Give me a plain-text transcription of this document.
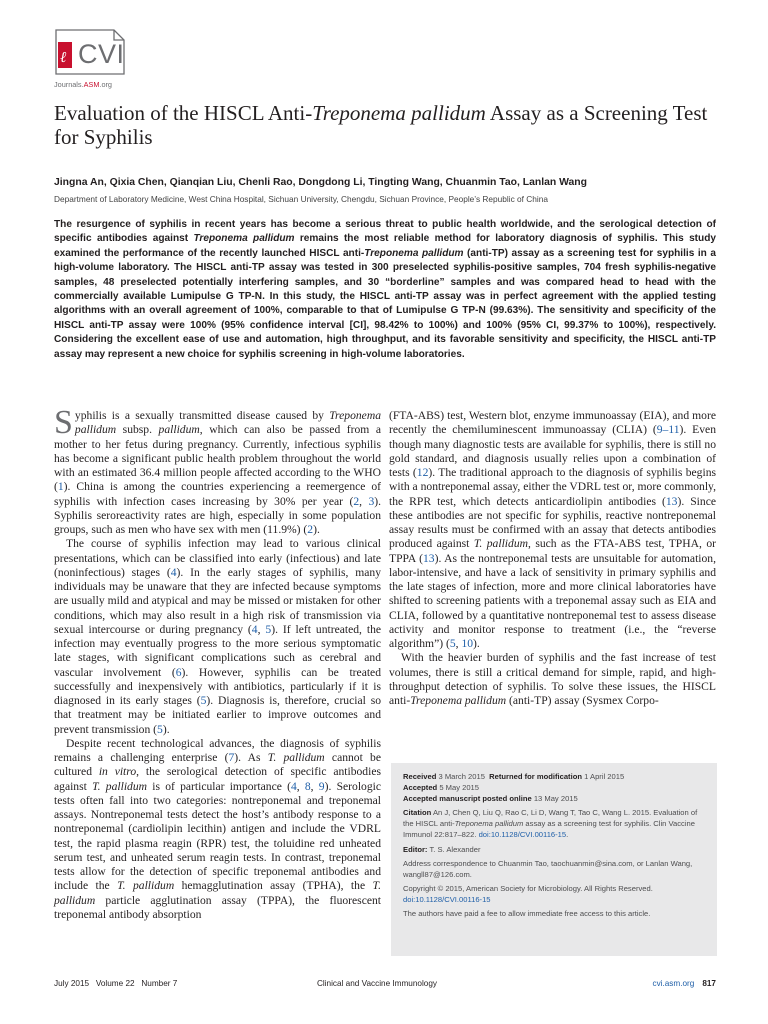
ℓ CVI
Journals.ASM.org
Evaluation of the HISCL Anti-Treponema pallidum Assay as a Screening Test for Syphilis

Jingna An, Qixia Chen, Qianqian Liu, Chenli Rao, Dongdong Li, Tingting Wang, Chuanmin Tao, Lanlan Wang

Department of Laboratory Medicine, West China Hospital, Sichuan University, Chengdu, Sichuan Province, People’s Republic of China

The resurgence of syphilis in recent years has become a serious threat to public health worldwide, and the serological detection of specific antibodies against Treponema pallidum remains the most reliable method for laboratory diagnosis of syphilis. This study examined the performance of the recently launched HISCL anti-Treponema pallidum (anti-TP) assay as a screening test for syphilis in a high-volume laboratory. The HISCL anti-TP assay was tested in 300 preselected syphilis-positive samples, 704 fresh syphilis-negative samples, 48 preselected potentially interfering samples, and 30 “borderline” samples and was compared head to head with the commercially available Lumipulse G TP-N. In this study, the HISCL anti-TP assay was in perfect agreement with the applied testing algorithms with an overall agreement of 100%, comparable to that of Lumipulse G TP-N (99.63%). The sensitivity and specificity of the HISCL anti-TP assay were 100% (95% confidence interval [CI], 98.42% to 100%) and 100% (95% CI, 99.37% to 100%), respectively. Considering the excellent ease of use and automation, high throughput, and its favorable sensitivity and specificity, the HISCL anti-TP assay may represent a new choice for syphilis screening in high-volume laboratories.

Syphilis is a sexually transmitted disease caused by Treponema pallidum subsp. pallidum, which can also be passed from a mother to her fetus during pregnancy. Currently, infectious syphilis has become a significant public health problem throughout the world with an estimated 36.4 million people affected according to the WHO (1). China is among the countries experiencing a reemergence of syphilis with infection cases increasing by 30% per year (2, 3). Syphilis seroreactivity rates are high, especially in some population groups, such as men who have sex with men (11.9%) (2).

The course of syphilis infection may lead to various clinical presentations, which can be classified into early (infectious) and late (noninfectious) stages (4). In the early stages of syphilis, many individuals may be unaware that they are infected because symptoms are usually mild and atypical and may be missed or mistaken for other conditions, which may also result in a high risk of transmission via sexual intercourse or during pregnancy (4, 5). If left untreated, the infection may eventually progress to the more serious symptomatic late stages, with significant complications such as cerebral and vascular involvement (6). However, syphilis can be treated successfully and inexpensively with antibiotics, particularly if it is diagnosed in its early stages (5). Diagnosis is, therefore, crucial so that treatment may be initiated earlier to improve outcomes and prevent transmission (5).

Despite recent technological advances, the diagnosis of syphilis remains a challenging enterprise (7). As T. pallidum cannot be cultured in vitro, the serological detection of specific antibodies against T. pallidum is of particular importance (4, 8, 9). Serologic tests often fall into two categories: nontreponemal and treponemal assays. Nontreponemal tests detect the host’s antibody response to a nontreponemal (cardiolipin lecithin) antigen and include the VDRL test, the rapid plasma reagin (RPR) test, the toluidine red unheated serum test, and unheated serum reagin tests. In contrast, treponemal tests allow for the detection of specific treponemal antibodies and include the T. pallidum hemagglutination assay (TPHA), the T. pallidum particle agglutination assay (TPPA), the fluorescent treponemal antibody absorption

(FTA-ABS) test, Western blot, enzyme immunoassay (EIA), and more recently the chemiluminescent immunoassay (CLIA) (9–11). Even though many diagnostic tests are available for syphilis, there is still no gold standard, and diagnosis usually relies upon a combination of tests (12). The traditional approach to the diagnosis of syphilis begins with a nontreponemal assay, either the VDRL test or, more commonly, the RPR test, which detects anticardiolipin antibodies (13). Since these antibodies are not specific for syphilis, reactive nontreponemal assay results must be confirmed with an assay that detects antibodies produced against T. pallidum, such as the FTA-ABS test, TPHA, or TPPA (13). As the nontreponemal tests are unsuitable for automation, labor-intensive, and have a lack of sensitivity in primary syphilis and the late stages of infection, more and more clinical laboratories have shifted to screening patients with a treponemal assay such as EIA and CLIA, followed by a quantitative nontreponemal test to assess disease activity and monitor response to treatment (i.e., the “reverse algorithm”) (5, 10).

With the heavier burden of syphilis and the fast increase of test volumes, there is still a critical demand for simple, rapid, and high-throughput detection of syphilis. To solve these issues, the HISCL anti-Treponema pallidum (anti-TP) assay (Sysmex Corpo-

Received 3 March 2015 Returned for modification 1 April 2015

Accepted 5 May 2015

Accepted manuscript posted online 13 May 2015

Citation An J, Chen Q, Liu Q, Rao C, Li D, Wang T, Tao C, Wang L. 2015. Evaluation of the HISCL anti-Treponema pallidum assay as a screening test for syphilis. Clin Vaccine Immunol 22:817–822. doi:10.1128/CVI.00116-15.

Editor: T. S. Alexander

Address correspondence to Chuanmin Tao, taochuanmin@sina.com, or Lanlan Wang, wangll87@126.com.

Copyright © 2015, American Society for Microbiology. All Rights Reserved.

doi:10.1128/CVI.00116-15

The authors have paid a fee to allow immediate free access to this article.

July 2015   Volume 22   Number 7	Clinical and Vaccine Immunology	cvi.asm.org 817
